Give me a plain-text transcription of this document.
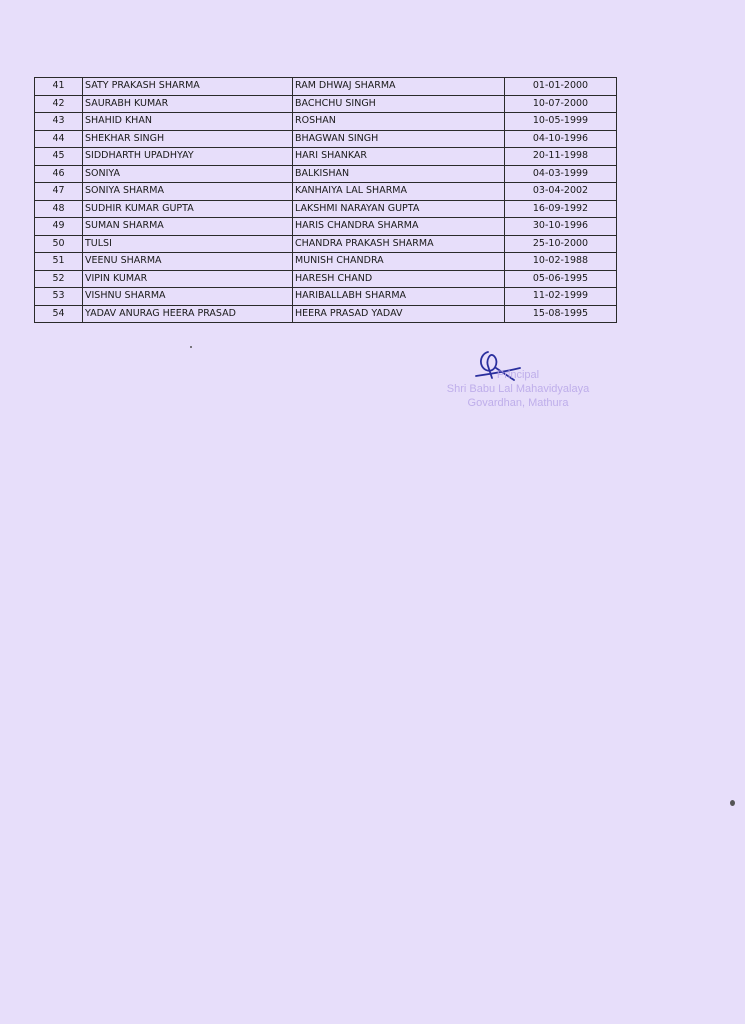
41	SATY PRAKASH SHARMA	RAM DHWAJ SHARMA	01-01-2000
42	SAURABH KUMAR	BACHCHU SINGH	10-07-2000
43	SHAHID KHAN	ROSHAN	10-05-1999
44	SHEKHAR SINGH	BHAGWAN SINGH	04-10-1996
45	SIDDHARTH UPADHYAY	HARI SHANKAR	20-11-1998
46	SONIYA	BALKISHAN	04-03-1999
47	SONIYA SHARMA	KANHAIYA LAL SHARMA	03-04-2002
48	SUDHIR KUMAR GUPTA	LAKSHMI NARAYAN GUPTA	16-09-1992
49	SUMAN SHARMA	HARIS CHANDRA SHARMA	30-10-1996
50	TULSI	CHANDRA PRAKASH SHARMA	25-10-2000
51	VEENU SHARMA	MUNISH CHANDRA	10-02-1988
52	VIPIN KUMAR	HARESH CHAND	05-06-1995
53	VISHNU SHARMA	HARIBALLABH SHARMA	11-02-1999
54	YADAV ANURAG HEERA PRASAD	HEERA PRASAD YADAV	15-08-1995
Principal
Shri Babu Lal Mahavidyalaya
Govardhan, Mathura
